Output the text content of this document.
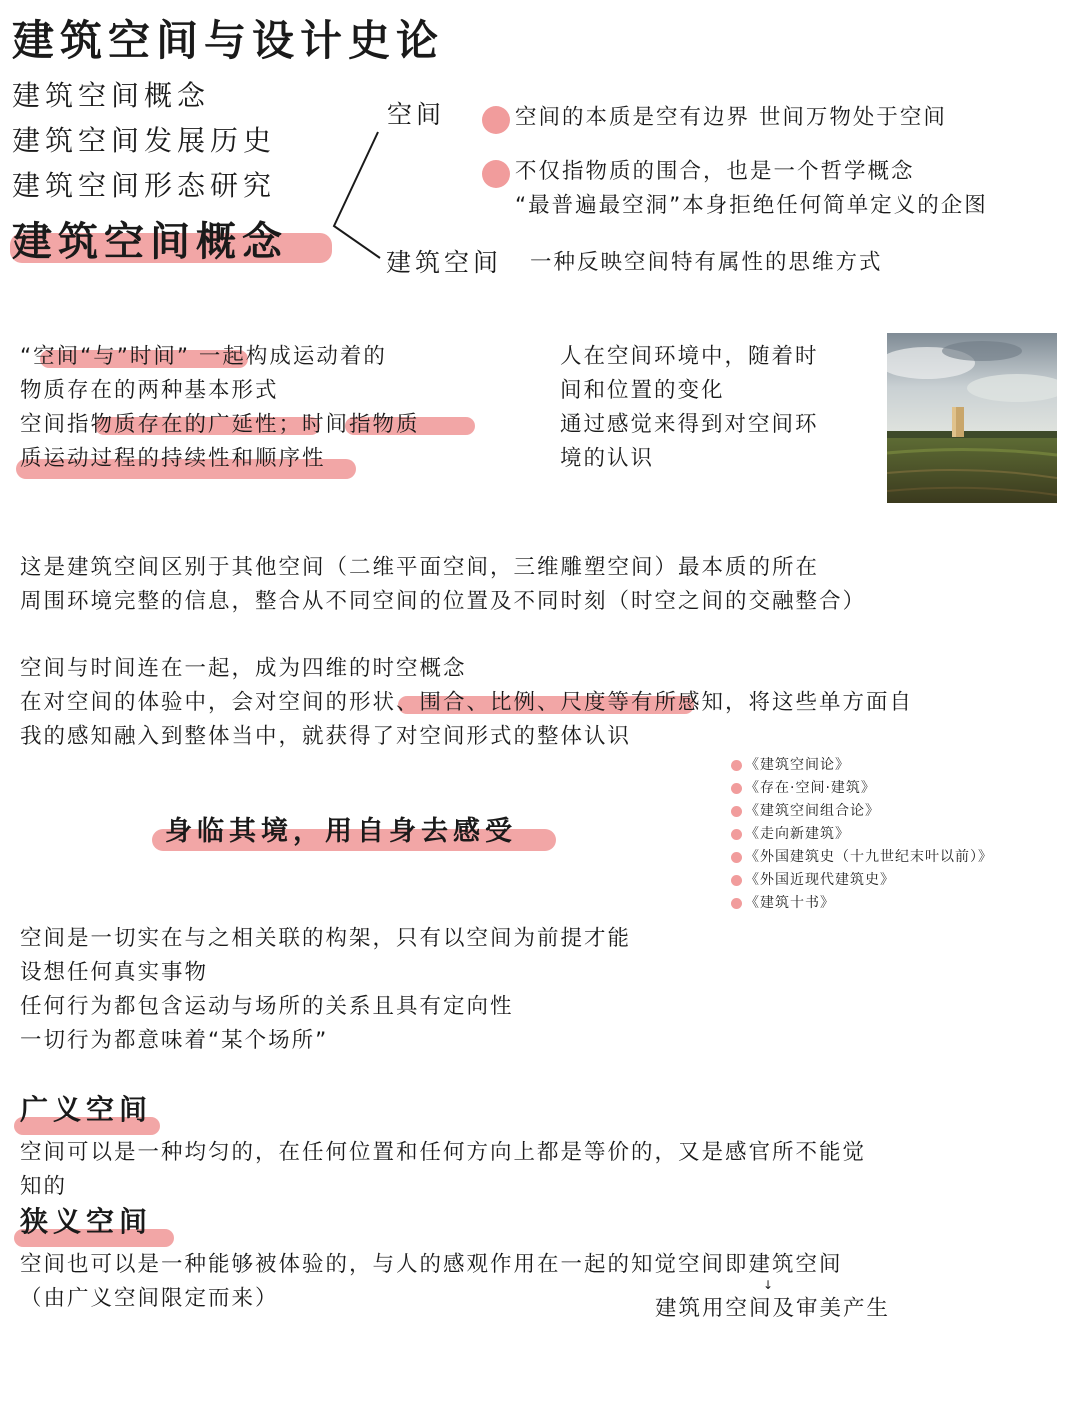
建筑空间与设计史论
建筑空间概念
建筑空间发展历史
建筑空间形态研究
建筑空间概念
空间	空间的本质是空有边界 世间万物处于空间
不仅指物质的围合，也是一个哲学概念
“最普遍最空洞”本身拒绝任何简单定义的企图
建筑空间 一种反映空间特有属性的思维方式
“空间“与”时间” 一起构成运动着的
物质存在的两种基本形式
空间指物质存在的广延性；时间指物质
质运动过程的持续性和顺序性
人在空间环境中，随着时
间和位置的变化
通过感觉来得到对空间环
境的认识
这是建筑空间区别于其他空间（二维平面空间，三维雕塑空间）最本质的所在
周围环境完整的信息，整合从不同空间的位置及不同时刻（时空之间的交融整合）
空间与时间连在一起，成为四维的时空概念
在对空间的体验中，会对空间的形状、围合、比例、尺度等有所感知，将这些单方面自
我的感知融入到整体当中，就获得了对空间形式的整体认识
《建筑空间论》
《存在·空间·建筑》
《建筑空间组合论》
《走向新建筑》
《外国建筑史（十九世纪末叶以前）》
《外国近现代建筑史》
《建筑十书》
身临其境，用自身去感受
空间是一切实在与之相关联的构架，只有以空间为前提才能
设想任何真实事物
任何行为都包含运动与场所的关系且具有定向性
一切行为都意味着“某个场所”
广义空间
空间可以是一种均匀的，在任何位置和任何方向上都是等价的，又是感官所不能觉
知的
狭义空间
空间也可以是一种能够被体验的，与人的感观作用在一起的知觉空间即建筑空间
（由广义空间限定而来）
↓
建筑用空间及审美产生
